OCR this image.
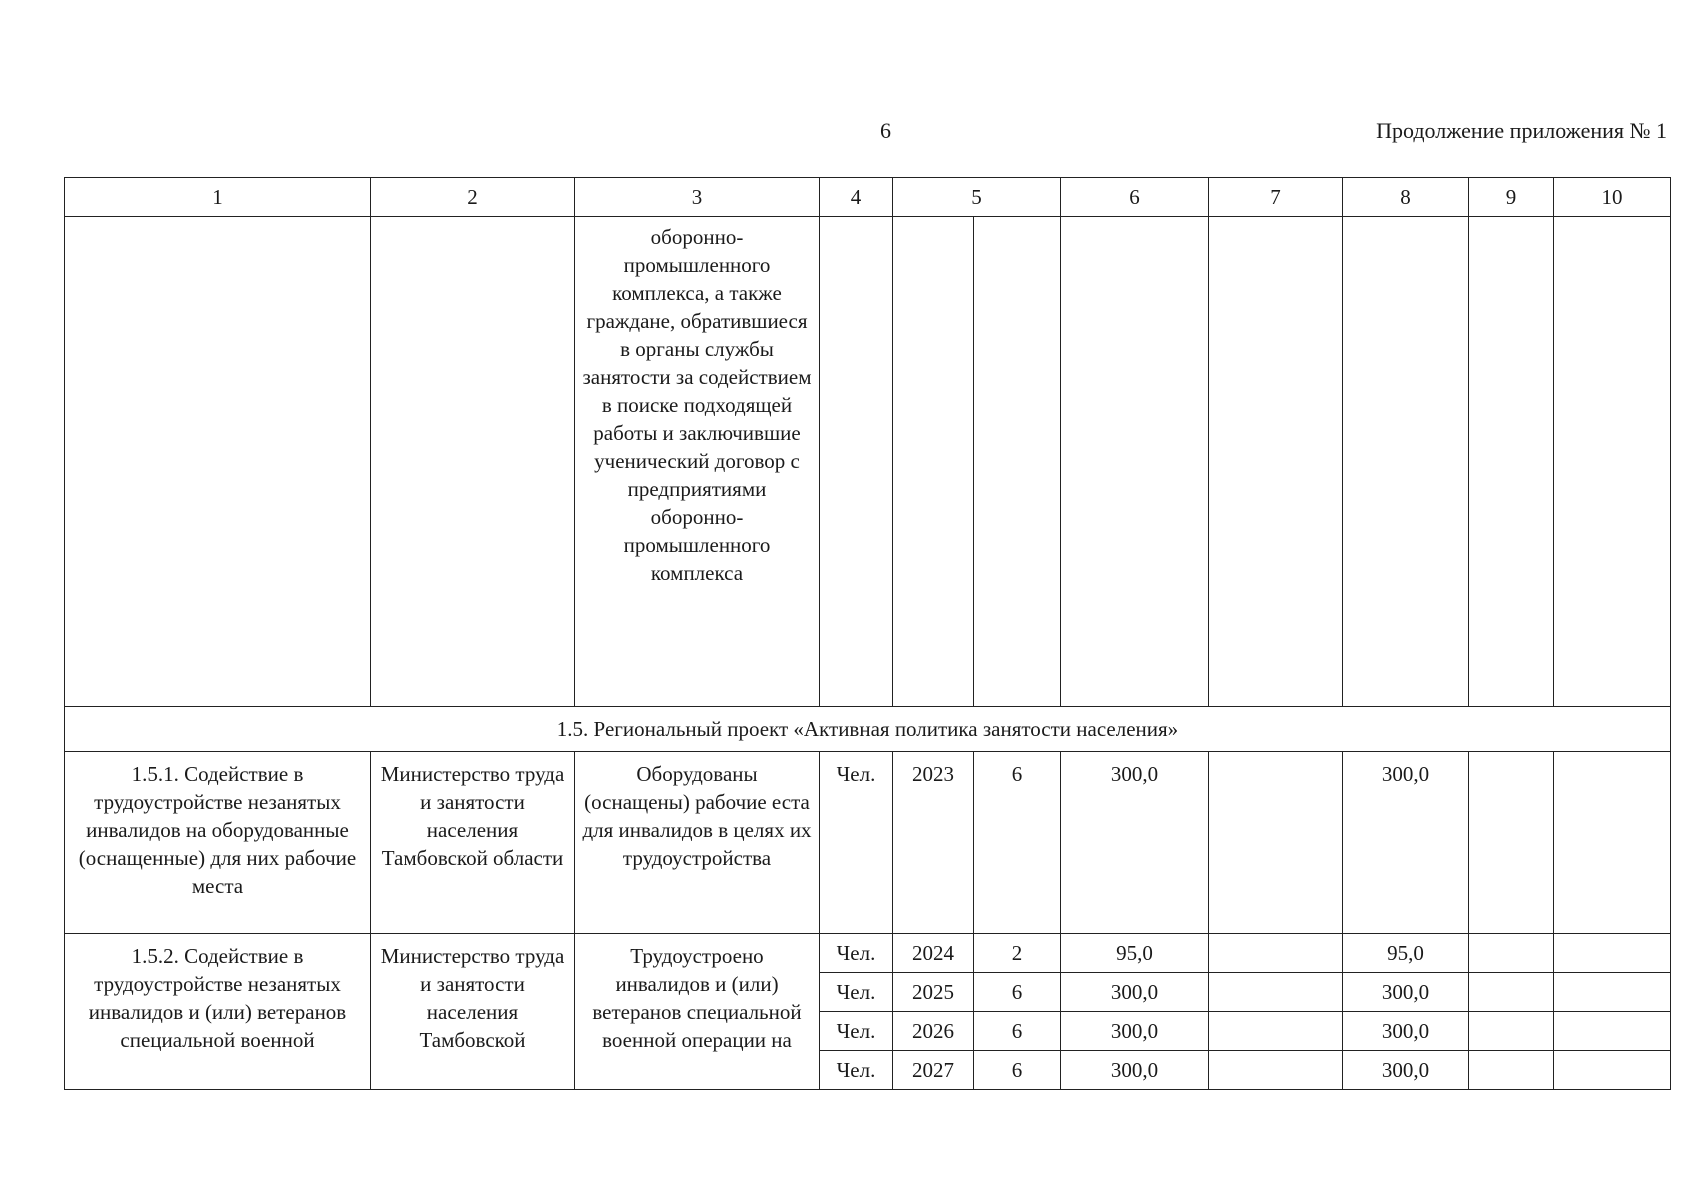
6	Продолжение приложения № 1
1	2	3	4	5		6	7	8	9	10
		оборонно-промышленного комплекса, а также граждане, обратившиеся в органы службы занятости за содействием в поиске подходящей работы и заключившие ученический договор с предприятиями оборонно-промышленного комплекса								
1.5. Региональный проект «Активная политика занятости населения»										
1.5.1. Содействие в трудоустройстве незанятых инвалидов на оборудованные (оснащенные) для них рабочие места	Министерство труда и занятости населения Тамбовской области	Оборудованы (оснащены) рабочие еста для инвалидов в целях их трудоустройства	Чел.	2023	6	300,0		300,0		
1.5.2. Содействие в трудоустройстве незанятых инвалидов и (или) ветеранов специальной военной	Министерство труда и занятости населения Тамбовской	Трудоустроено инвалидов и (или) ветеранов специальной военной операции на	Чел.	2024	2	95,0		95,0		
			Чел.	2025	6	300,0		300,0		
			Чел.	2026	6	300,0		300,0		
			Чел.	2027	6	300,0		300,0		
